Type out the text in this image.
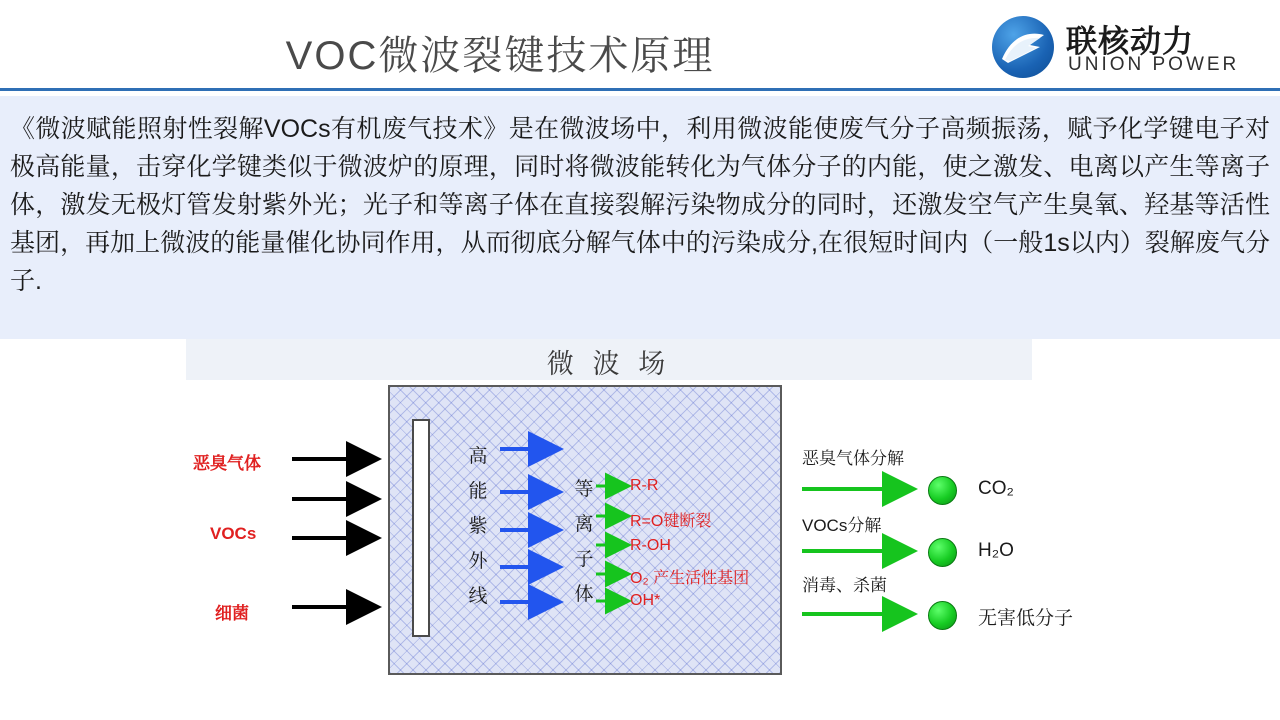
VOC微波裂键技术原理	联核动力
UNION POWER

《微波赋能照射性裂解VOCs有机废气技术》是在微波场中，利用微波能使废气分子高频振荡，赋予化学键电子对极高能量，击穿化学键类似于微波炉的原理，同时将微波能转化为气体分子的内能，使之激发、电离以产生等离子体，激发无极灯管发射紫外光；光子和等离子体在直接裂解污染物成分的同时，还激发空气产生臭氧、羟基等活性基团，再加上微波的能量催化协同作用，从而彻底分解气体中的污染成分,在很短时间内（一般1s以内）裂解废气分子.

微 波 场
恶臭气体
VOCs
细菌
高
能
紫
外
线
等
离
子
体
R-R
R=O键断裂
R-OH
O₂ 产生活性基团
OH*
恶臭气体分解
VOCs分解
消毒、杀菌
CO₂
H₂O
无害低分子
